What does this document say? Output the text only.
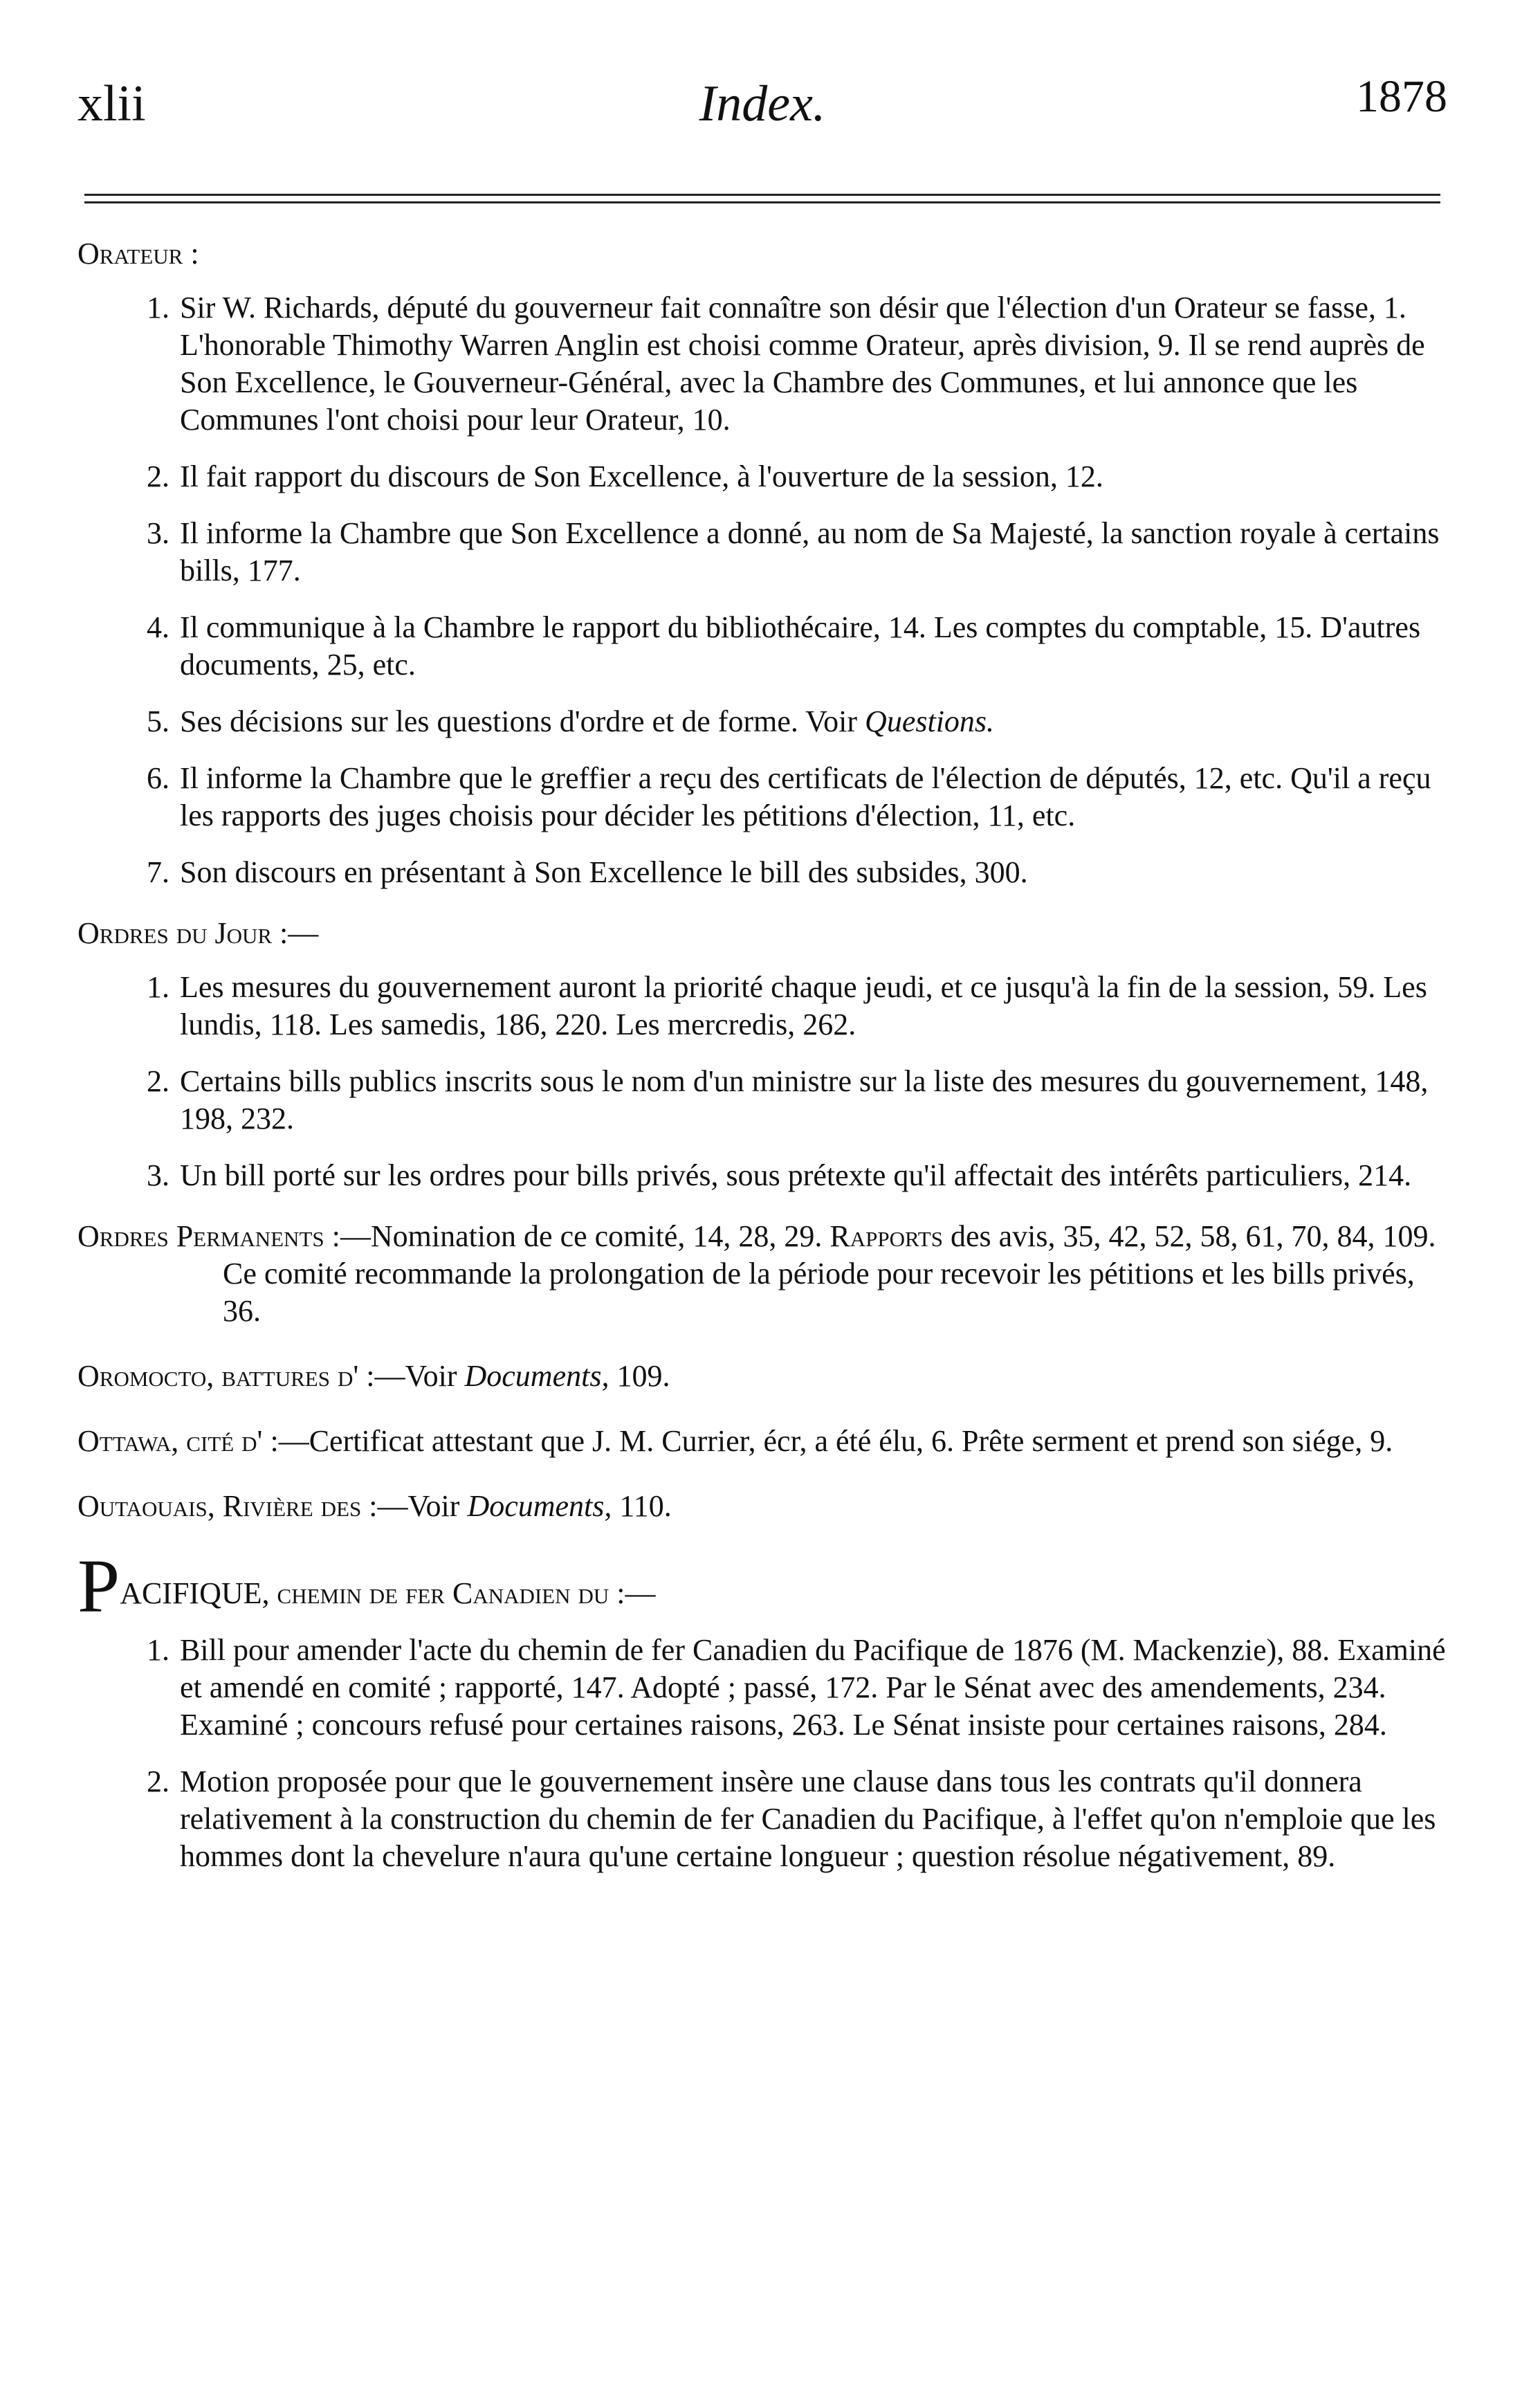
xlii	Index.	1878
Orateur :
1. Sir W. Richards, député du gouverneur fait connaître son désir que l'élection d'un Orateur se fasse, 1. L'honorable Thimothy Warren Anglin est choisi comme Orateur, après division, 9. Il se rend auprès de Son Excellence, le Gouverneur-Général, avec la Chambre des Communes, et lui annonce que les Communes l'ont choisi pour leur Orateur, 10.
2. Il fait rapport du discours de Son Excellence, à l'ouverture de la session, 12.
3. Il informe la Chambre que Son Excellence a donné, au nom de Sa Majesté, la sanction royale à certains bills, 177.
4. Il communique à la Chambre le rapport du bibliothécaire, 14. Les comptes du comptable, 15. D'autres documents, 25, etc.
5. Ses décisions sur les questions d'ordre et de forme. Voir Questions.
6. Il informe la Chambre que le greffier a reçu des certificats de l'élection de députés, 12, etc. Qu'il a reçu les rapports des juges choisis pour décider les pétitions d'élection, 11, etc.
7. Son discours en présentant à Son Excellence le bill des subsides, 300.
Ordres du Jour :—
1. Les mesures du gouvernement auront la priorité chaque jeudi, et ce jusqu'à la fin de la session, 59. Les lundis, 118. Les samedis, 186, 220. Les mercredis, 262.
2. Certains bills publics inscrits sous le nom d'un ministre sur la liste des mesures du gouvernement, 148, 198, 232.
3. Un bill porté sur les ordres pour bills privés, sous prétexte qu'il affectait des intérêts particuliers, 214.
Ordres Permanents :—Nomination de ce comité, 14, 28, 29. Rapports des avis, 35, 42, 52, 58, 61, 70, 84, 109. Ce comité recommande la prolongation de la période pour recevoir les pétitions et les bills privés, 36.
Oromocto, battures d' :—Voir Documents, 109.
Ottawa, cité d' :—Certificat attestant que J. M. Currier, écr, a été élu, 6. Prête serment et prend son siége, 9.
Outaouais, Rivière des :—Voir Documents, 110.
PACIFIQUE, chemin de fer Canadien du :—
1. Bill pour amender l'acte du chemin de fer Canadien du Pacifique de 1876 (M. Mackenzie), 88. Examiné et amendé en comité ; rapporté, 147. Adopté ; passé, 172. Par le Sénat avec des amendements, 234. Examiné ; concours refusé pour certaines raisons, 263. Le Sénat insiste pour certaines raisons, 284.
2. Motion proposée pour que le gouvernement insère une clause dans tous les contrats qu'il donnera relativement à la construction du chemin de fer Canadien du Pacifique, à l'effet qu'on n'emploie que les hommes dont la chevelure n'aura qu'une certaine longueur ; question résolue négativement, 89.
